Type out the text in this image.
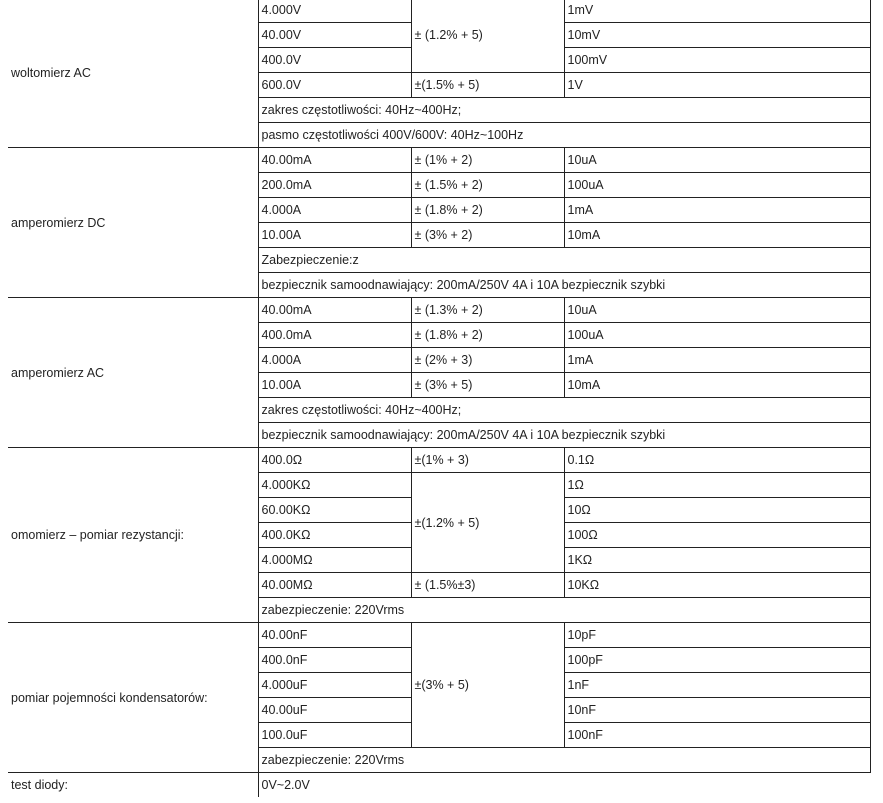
woltomierz AC	4.000V	± (1.2% + 5)	1mV
	40.00V		10mV
	400.0V		100mV
	600.0V	±(1.5% + 5)	1V
	zakres częstotliwości: 40Hz~400Hz;		
	pasmo częstotliwości 400V/600V: 40Hz~100Hz		
amperomierz DC	40.00mA	± (1% + 2)	10uA
	200.0mA	± (1.5% + 2)	100uA
	4.000A	± (1.8% + 2)	1mA
	10.00A	± (3% + 2)	10mA
	Zabezpieczenie:z		
	bezpiecznik samoodnawiający: 200mA/250V 4A i 10A bezpiecznik szybki		
amperomierz AC	40.00mA	± (1.3% + 2)	10uA
	400.0mA	± (1.8% + 2)	100uA
	4.000A	± (2% + 3)	1mA
	10.00A	± (3% + 5)	10mA
	zakres częstotliwości: 40Hz~400Hz;		
	bezpiecznik samoodnawiający: 200mA/250V 4A i 10A bezpiecznik szybki		
omomierz – pomiar rezystancji:	400.0Ω	±(1% + 3)	0.1Ω
	4.000KΩ	±(1.2% + 5)	1Ω
	60.00KΩ		10Ω
	400.0KΩ		100Ω
	4.000MΩ		1KΩ
	40.00MΩ	± (1.5%±3)	10KΩ
	zabezpieczenie: 220Vrms		
pomiar pojemności kondensatorów:	40.00nF	±(3% + 5)	10pF
	400.0nF		100pF
	4.000uF		1nF
	40.00uF		10nF
	100.0uF		100nF
	zabezpieczenie: 220Vrms		
test diody:	0V~2.0V		
